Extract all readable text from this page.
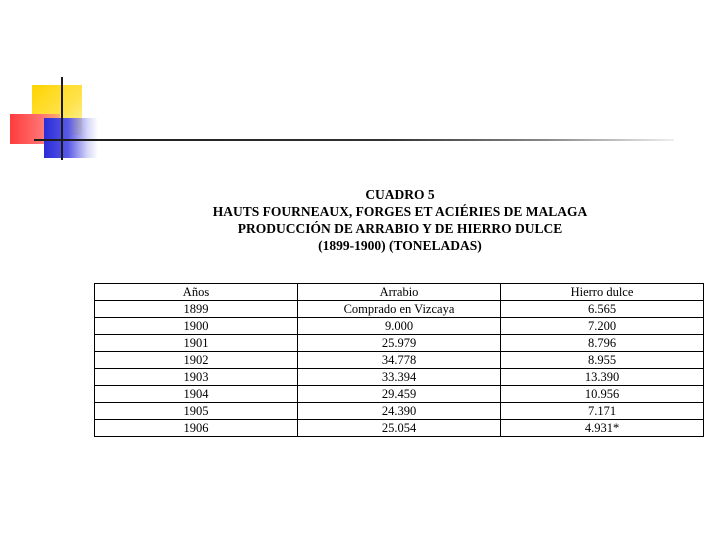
CUADRO 5
HAUTS FOURNEAUX, FORGES ET ACIÉRIES DE MALAGA
PRODUCCIÓN DE ARRABIO Y DE HIERRO DULCE
(1899-1900) (TONELADAS)
Años	Arrabio	Hierro dulce
1899	Comprado en Vizcaya	6.565
1900	9.000	7.200
1901	25.979	8.796
1902	34.778	8.955
1903	33.394	13.390
1904	29.459	10.956
1905	24.390	7.171
1906	25.054	4.931*
